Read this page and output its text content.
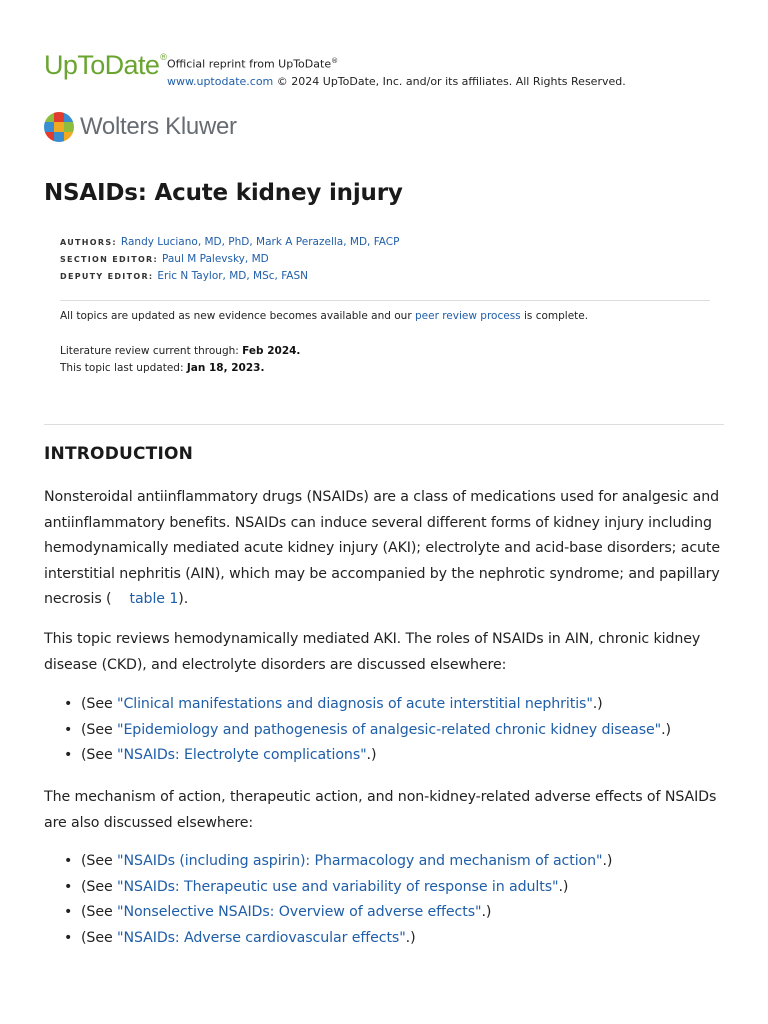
UpToDate®
Official reprint from UpToDate®
www.uptodate.com © 2024 UpToDate, Inc. and/or its affiliates. All Rights Reserved.
Wolters Kluwer
NSAIDs: Acute kidney injury
AUTHORS: Randy Luciano, MD, PhD, Mark A Perazella, MD, FACP
SECTION EDITOR: Paul M Palevsky, MD
DEPUTY EDITOR: Eric N Taylor, MD, MSc, FASN
All topics are updated as new evidence becomes available and our peer review process is complete.
Literature review current through: Feb 2024.
This topic last updated: Jan 18, 2023.
INTRODUCTION

Nonsteroidal antiinflammatory drugs (NSAIDs) are a class of medications used for analgesic and antiinflammatory benefits. NSAIDs can induce several different forms of kidney injury including hemodynamically mediated acute kidney injury (AKI); electrolyte and acid-base disorders; acute interstitial nephritis (AIN), which may be accompanied by the nephrotic syndrome; and papillary necrosis ( table 1).

This topic reviews hemodynamically mediated AKI. The roles of NSAIDs in AIN, chronic kidney disease (CKD), and electrolyte disorders are discussed elsewhere:

• (See "Clinical manifestations and diagnosis of acute interstitial nephritis".)
• (See "Epidemiology and pathogenesis of analgesic-related chronic kidney disease".)
• (See "NSAIDs: Electrolyte complications".)

The mechanism of action, therapeutic action, and non-kidney-related adverse effects of NSAIDs are also discussed elsewhere:

• (See "NSAIDs (including aspirin): Pharmacology and mechanism of action".)
• (See "NSAIDs: Therapeutic use and variability of response in adults".)
• (See "Nonselective NSAIDs: Overview of adverse effects".)
• (See "NSAIDs: Adverse cardiovascular effects".)
